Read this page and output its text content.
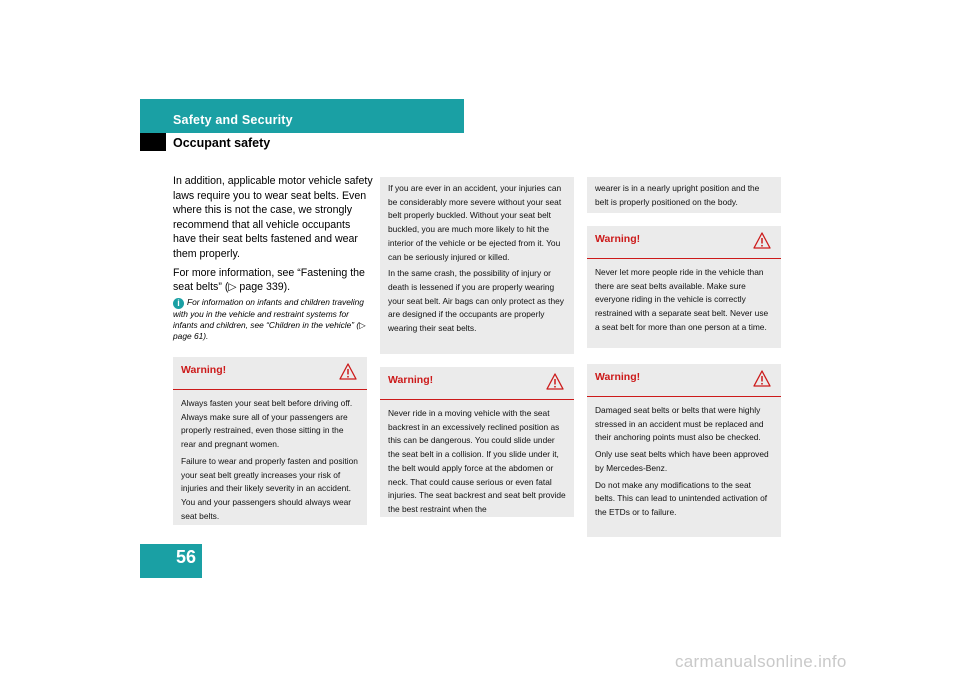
Safety and Security
Occupant safety
56

In addition, applicable motor vehicle safety laws require you to wear seat belts. Even where this is not the case, we strongly recommend that all vehicle occupants have their seat belts fastened and wear them properly.

For more information, see “Fastening the seat belts” (▷ page 339).

i For information on infants and children traveling with you in the vehicle and restraint systems for infants and children, see “Children in the vehicle” (▷ page 61).
Warning!

Always fasten your seat belt before driving off. Always make sure all of your passengers are properly restrained, even those sitting in the rear and pregnant women.

Failure to wear and properly fasten and position your seat belt greatly increases your risk of injuries and their likely severity in an accident. You and your passengers should always wear seat belts.

If you are ever in an accident, your injuries can be considerably more severe without your seat belt properly buckled. Without your seat belt buckled, you are much more likely to hit the interior of the vehicle or be ejected from it. You can be seriously injured or killed.

In the same crash, the possibility of injury or death is lessened if you are properly wearing your seat belt. Air bags can only protect as they are designed if the occupants are properly wearing their seat belts.

Warning!

Never ride in a moving vehicle with the seat backrest in an excessively reclined position as this can be dangerous. You could slide under the seat belt in a collision. If you slide under it, the belt would apply force at the abdomen or neck. That could cause serious or even fatal injuries. The seat backrest and seat belt provide the best restraint when the

wearer is in a nearly upright position and the belt is properly positioned on the body.

Warning!

Never let more people ride in the vehicle than there are seat belts available. Make sure everyone riding in the vehicle is correctly restrained with a separate seat belt. Never use a seat belt for more than one person at a time.

Warning!

Damaged seat belts or belts that were highly stressed in an accident must be replaced and their anchoring points must also be checked.

Only use seat belts which have been approved by Mercedes-Benz.

Do not make any modifications to the seat belts. This can lead to unintended activation of the ETDs or to failure.

carmanualsonline.info
